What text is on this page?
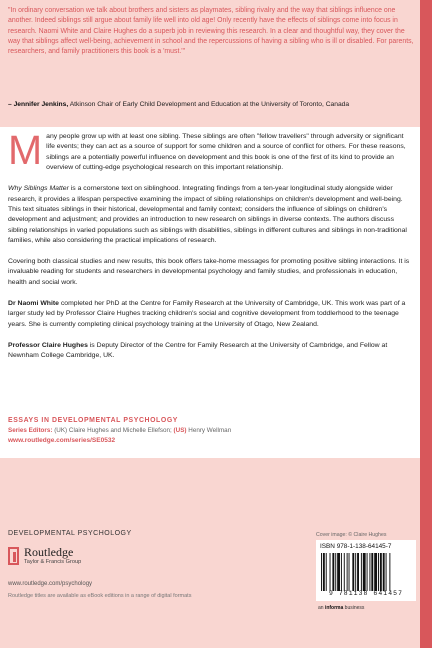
"In ordinary conversation we talk about brothers and sisters as playmates, sibling rivalry and the way that siblings influence one another. Indeed siblings still argue about family life well into old age! Only recently have the effects of siblings come into focus in research. Naomi White and Claire Hughes do a superb job in reviewing this research. In a clear and thoughtful way, they cover the way that siblings affect well-being, achievement in school and the repercussions of having a sibling who is ill or disabled. For parents, researchers, and family practitioners this book is a 'must.'"

– Jennifer Jenkins, Atkinson Chair of Early Child Development and Education at the University of Toronto, Canada

Many people grow up with at least one sibling. These siblings are often "fellow travellers" through adversity or significant life events; they can act as a source of support for some children and a source of conflict for others. For these reasons, siblings are a potentially powerful influence on development and this book is one of the first of its kind to provide an overview of cutting-edge psychological research on this important relationship.

Why Siblings Matter is a cornerstone text on siblinghood. Integrating findings from a ten-year longitudinal study alongside wider research, it provides a lifespan perspective examining the impact of sibling relationships on children's development and well-being. This text situates siblings in their historical, developmental and family context; considers the influence of siblings on children's development and adjustment; and provides an introduction to new research on siblings in diverse contexts. The authors discuss sibling relationships in varied populations such as siblings with disabilities, siblings in different cultures and siblings in non-traditional families, while also considering the practical implications of research.

Covering both classical studies and new results, this book offers take-home messages for promoting positive sibling interactions. It is invaluable reading for students and researchers in developmental psychology and family studies, and professionals in education, health and social work.

Dr Naomi White completed her PhD at the Centre for Family Research at the University of Cambridge, UK. This work was part of a larger study led by Professor Claire Hughes tracking children's social and cognitive development from toddlerhood to the teenage years. She is currently completing clinical psychology training at the University of Otago, New Zealand.

Professor Claire Hughes is Deputy Director of the Centre for Family Research at the University of Cambridge, and Fellow at Newnham College Cambridge, UK.

ESSAYS IN DEVELOPMENTAL PSYCHOLOGY

Series Editors: (UK) Claire Hughes and Michelle Ellefson; (US) Henry Wellman

www.routledge.com/series/SE0532

DEVELOPMENTAL PSYCHOLOGY	Cover image: © Claire Hughes

Routledge
Taylor & Francis Group

www.routledge.com/psychology

Routledge titles are available as eBook editions in a range of digital formats

ISBN 978-1-138-64145-7

9 781138 641457

an informa business
